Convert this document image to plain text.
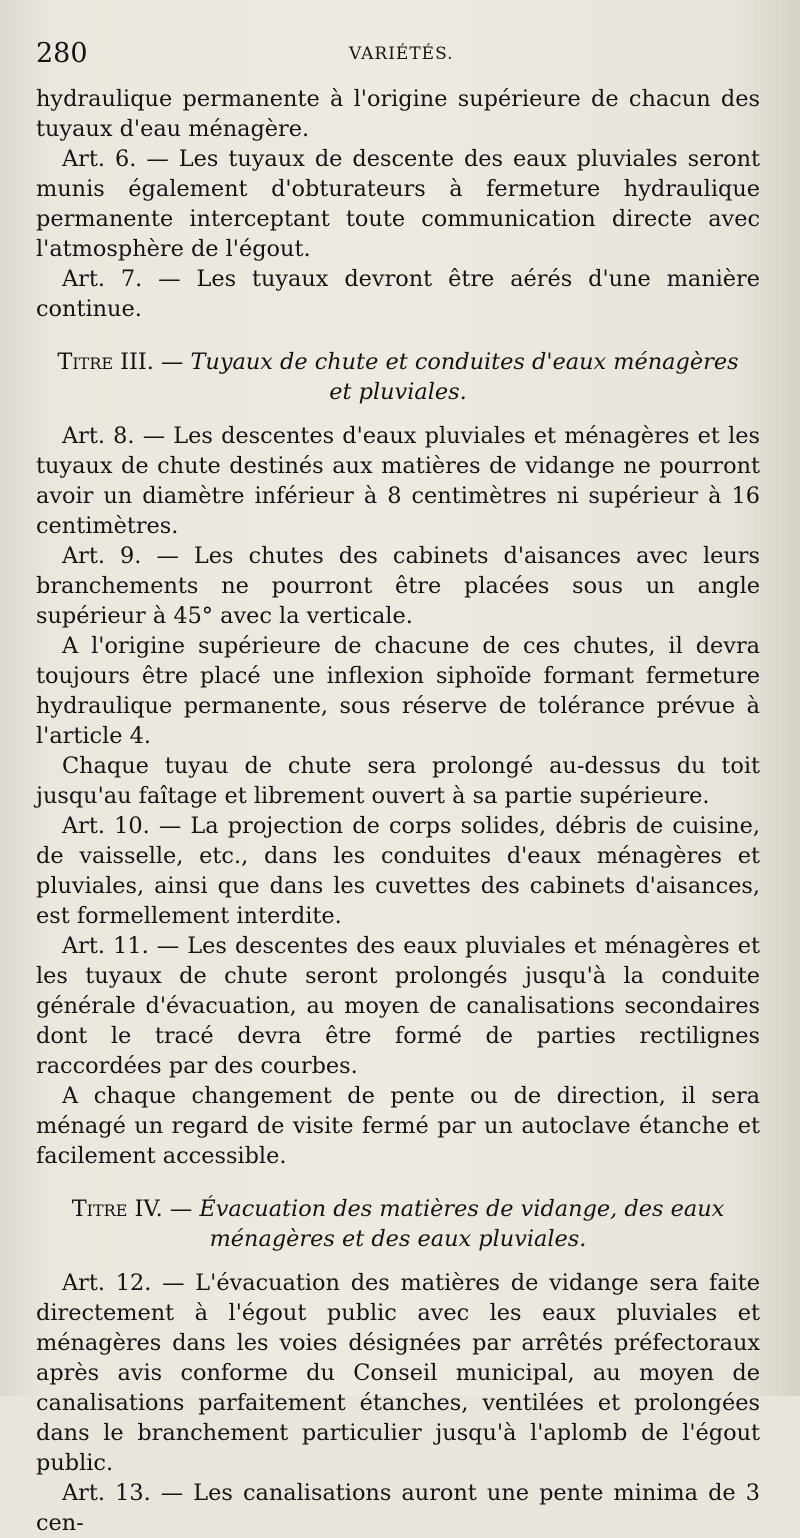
280	VARIÉTÉS.

hydraulique permanente à l'origine supérieure de chacun des tuyaux d'eau ménagère.

Art. 6. — Les tuyaux de descente des eaux pluviales seront munis également d'obturateurs à fermeture hydraulique permanente interceptant toute communication directe avec l'atmosphère de l'égout.

Art. 7. — Les tuyaux devront être aérés d'une manière continue.

Titre III. — Tuyaux de chute et conduites d'eaux ménagères et pluviales.

Art. 8. — Les descentes d'eaux pluviales et ménagères et les tuyaux de chute destinés aux matières de vidange ne pourront avoir un diamètre inférieur à 8 centimètres ni supérieur à 16 centimètres.

Art. 9. — Les chutes des cabinets d'aisances avec leurs branchements ne pourront être placées sous un angle supérieur à 45° avec la verticale.

A l'origine supérieure de chacune de ces chutes, il devra toujours être placé une inflexion siphoïde formant fermeture hydraulique permanente, sous réserve de tolérance prévue à l'article 4.

Chaque tuyau de chute sera prolongé au-dessus du toit jusqu'au faîtage et librement ouvert à sa partie supérieure.

Art. 10. — La projection de corps solides, débris de cuisine, de vaisselle, etc., dans les conduites d'eaux ménagères et pluviales, ainsi que dans les cuvettes des cabinets d'aisances, est formellement interdite.

Art. 11. — Les descentes des eaux pluviales et ménagères et les tuyaux de chute seront prolongés jusqu'à la conduite générale d'évacuation, au moyen de canalisations secondaires dont le tracé devra être formé de parties rectilignes raccordées par des courbes.

A chaque changement de pente ou de direction, il sera ménagé un regard de visite fermé par un autoclave étanche et facilement accessible.

Titre IV. — Évacuation des matières de vidange, des eaux ménagères et des eaux pluviales.

Art. 12. — L'évacuation des matières de vidange sera faite directement à l'égout public avec les eaux pluviales et ménagères dans les voies désignées par arrêtés préfectoraux après avis conforme du Conseil municipal, au moyen de canalisations parfaitement étanches, ventilées et prolongées dans le branchement particulier jusqu'à l'aplomb de l'égout public.

Art. 13. — Les canalisations auront une pente minima de 3 cen-
